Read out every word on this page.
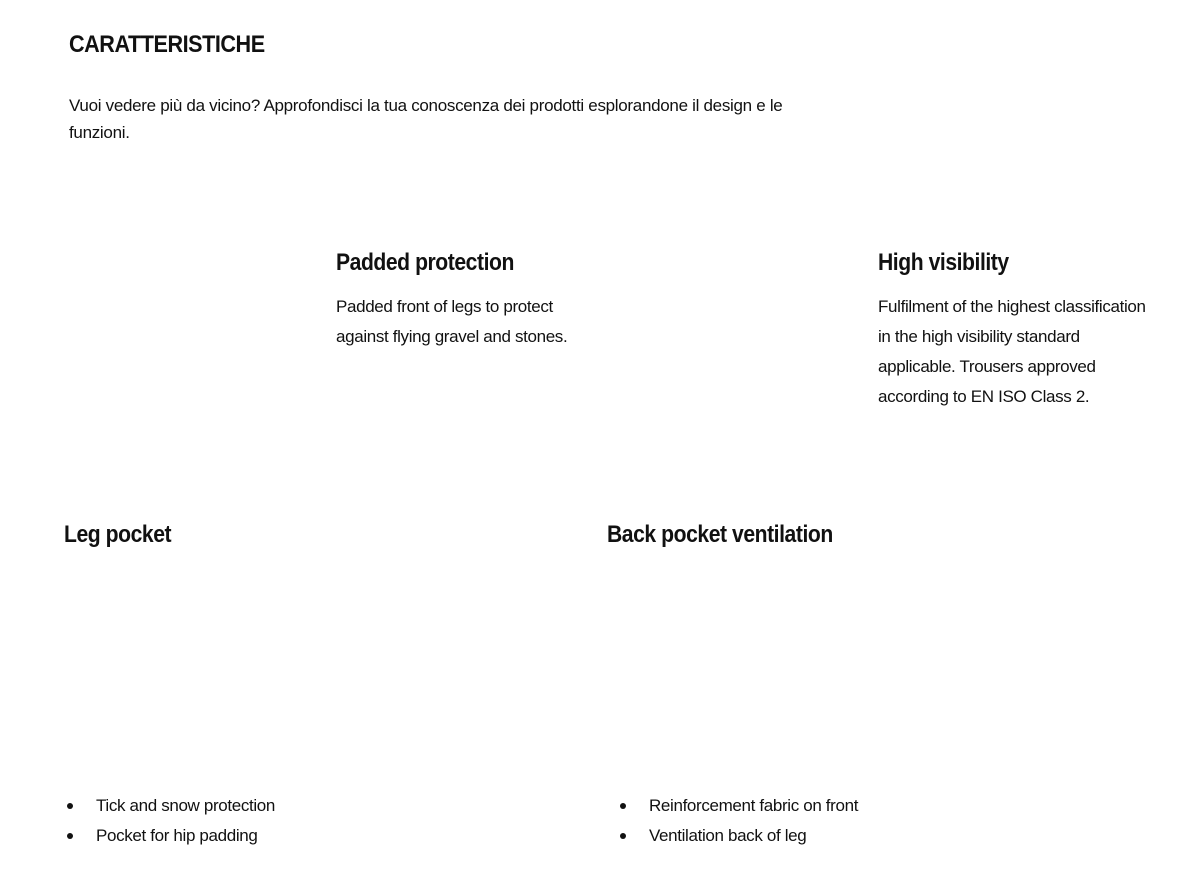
CARATTERISTICHE

Vuoi vedere più da vicino? Approfondisci la tua conoscenza dei prodotti esplorandone il design e le funzioni.

Padded protection

Padded front of legs to protect against flying gravel and stones.

High visibility

Fulfilment of the highest classification in the high visibility standard applicable. Trousers approved according to EN ISO Class 2.

Leg pocket	Back pocket ventilation
Tick and snow protection
Pocket for hip padding
Reinforcement fabric on front
Ventilation back of leg
